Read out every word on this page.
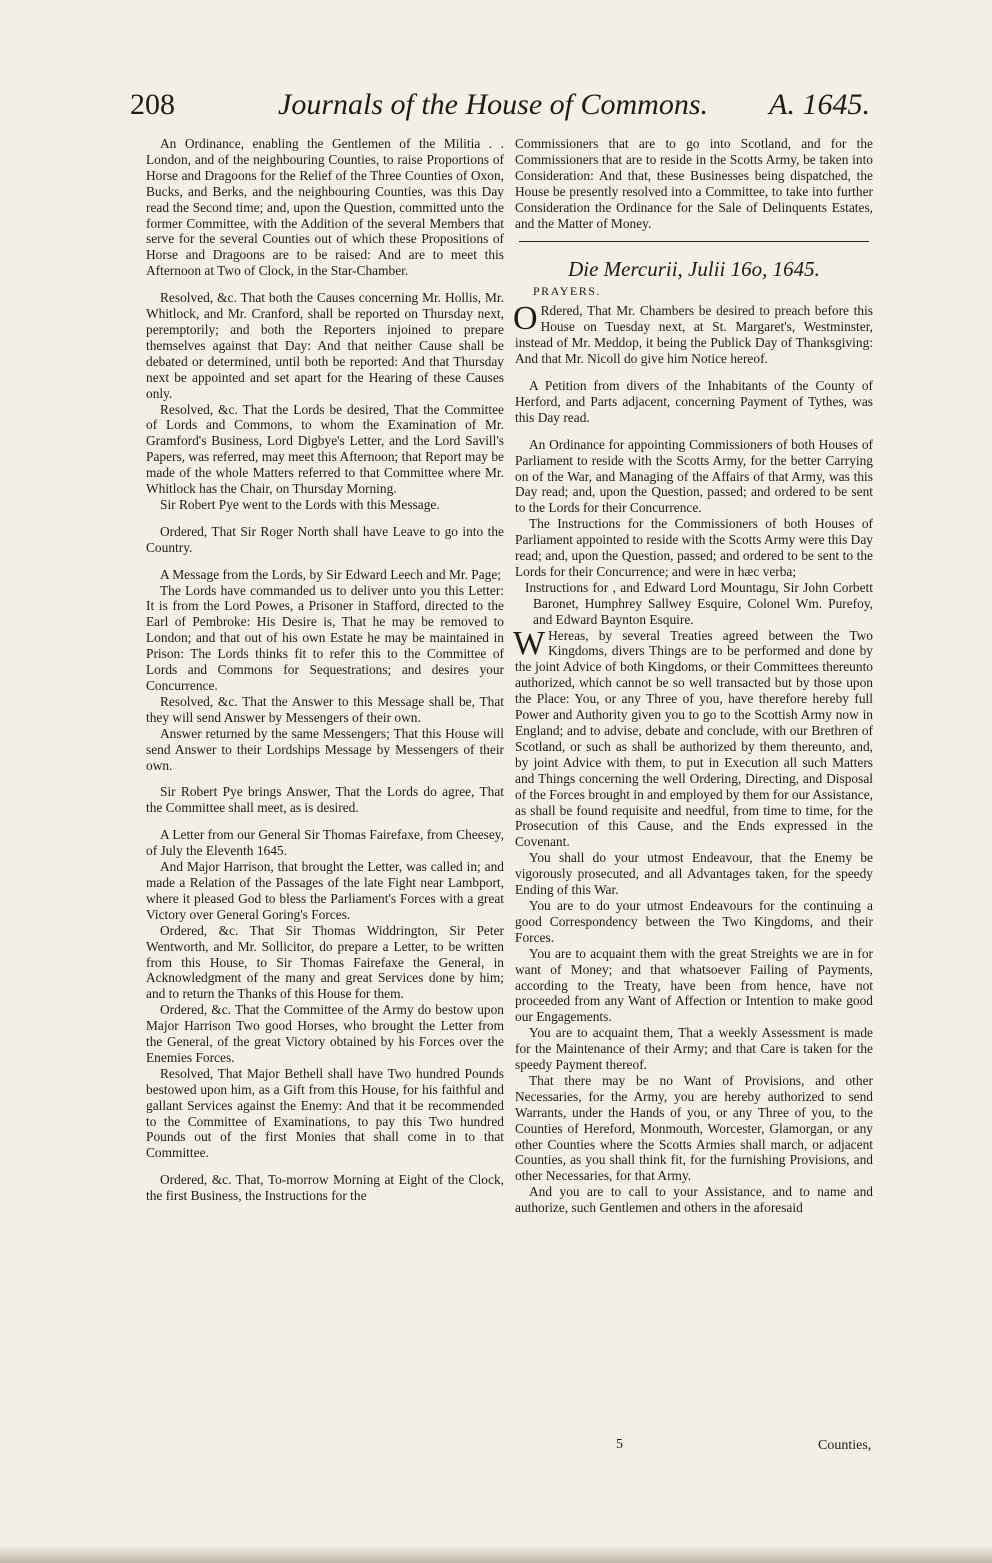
208	Journals of the House of Commons. A. 1645.

An Ordinance, enabling the Gentlemen of the Militia . . London, and of the neighbouring Counties, to raise Proportions of Horse and Dragoons for the Relief of the Three Counties of Oxon, Bucks, and Berks, and the neighbouring Counties, was this Day read the Second time; and, upon the Question, committed unto the former Committee, with the Addition of the several Members that serve for the several Counties out of which these Propositions of Horse and Dragoons are to be raised: And are to meet this Afternoon at Two of Clock, in the Star-Chamber.

Resolved, &c. That both the Causes concerning Mr. Hollis, Mr. Whitlock, and Mr. Cranford, shall be reported on Thursday next, peremptorily; and both the Reporters injoined to prepare themselves against that Day: And that neither Cause shall be debated or determined, until both be reported: And that Thursday next be appointed and set apart for the Hearing of these Causes only.

Resolved, &c. That the Lords be desired, That the Committee of Lords and Commons, to whom the Examination of Mr. Gramford's Business, Lord Digbye's Letter, and the Lord Savill's Papers, was referred, may meet this Afternoon; that Report may be made of the whole Matters referred to that Committee where Mr. Whitlock has the Chair, on Thursday Morning.

Sir Robert Pye went to the Lords with this Message.

Ordered, That Sir Roger North shall have Leave to go into the Country.

A Message from the Lords, by Sir Edward Leech and Mr. Page;

The Lords have commanded us to deliver unto you this Letter: It is from the Lord Powes, a Prisoner in Stafford, directed to the Earl of Pembroke: His Desire is, That he may be removed to London; and that out of his own Estate he may be maintained in Prison: The Lords thinks fit to refer this to the Committee of Lords and Commons for Sequestrations; and desires your Concurrence.

Resolved, &c. That the Answer to this Message shall be, That they will send Answer by Messengers of their own.

Answer returned by the same Messengers; That this House will send Answer to their Lordships Message by Messengers of their own.

Sir Robert Pye brings Answer, That the Lords do agree, That the Committee shall meet, as is desired.

A Letter from our General Sir Thomas Fairefaxe, from Cheesey, of July the Eleventh 1645.

And Major Harrison, that brought the Letter, was called in; and made a Relation of the Passages of the late Fight near Lambport, where it pleased God to bless the Parliament's Forces with a great Victory over General Goring's Forces.

Ordered, &c. That Sir Thomas Widdrington, Sir Peter Wentworth, and Mr. Sollicitor, do prepare a Letter, to be written from this House, to Sir Thomas Fairefaxe the General, in Acknowledgment of the many and great Services done by him; and to return the Thanks of this House for them.

Ordered, &c. That the Committee of the Army do bestow upon Major Harrison Two good Horses, who brought the Letter from the General, of the great Victory obtained by his Forces over the Enemies Forces.

Resolved, That Major Bethell shall have Two hundred Pounds bestowed upon him, as a Gift from this House, for his faithful and gallant Services against the Enemy: And that it be recommended to the Committee of Examinations, to pay this Two hundred Pounds out of the first Monies that shall come in to that Committee.

Ordered, &c. That, To-morrow Morning at Eight of the Clock, the first Business, the Instructions for the

Commissioners that are to go into Scotland, and for the Commissioners that are to reside in the Scotts Army, be taken into Consideration: And that, these Businesses being dispatched, the House be presently resolved into a Committee, to take into further Consideration the Ordinance for the Sale of Delinquents Estates, and the Matter of Money.

Die Mercurii, Julii 16o, 1645.
PRAYERS.

O Rdered, That Mr. Chambers be desired to preach before this House on Tuesday next, at St. Margaret's, Westminster, instead of Mr. Meddop, it being the Publick Day of Thanksgiving: And that Mr. Nicoll do give him Notice hereof.

A Petition from divers of the Inhabitants of the County of Herford, and Parts adjacent, concerning Payment of Tythes, was this Day read.

An Ordinance for appointing Commissioners of both Houses of Parliament to reside with the Scotts Army, for the better Carrying on of the War, and Managing of the Affairs of that Army, was this Day read; and, upon the Question, passed; and ordered to be sent to the Lords for their Concurrence.

The Instructions for the Commissioners of both Houses of Parliament appointed to reside with the Scotts Army were this Day read; and, upon the Question, passed; and ordered to be sent to the Lords for their Concurrence; and were in hæc verba;

Instructions for , and Edward Lord Mountagu, Sir John Corbett Baronet, Humphrey Sallwey Esquire, Colonel Wm. Purefoy, and Edward Baynton Esquire.

W Hereas, by several Treaties agreed between the Two Kingdoms, divers Things are to be performed and done by the joint Advice of both Kingdoms, or their Committees thereunto authorized, which cannot be so well transacted but by those upon the Place: You, or any Three of you, have therefore hereby full Power and Authority given you to go to the Scottish Army now in England; and to advise, debate and conclude, with our Brethren of Scotland, or such as shall be authorized by them thereunto, and, by joint Advice with them, to put in Execution all such Matters and Things concerning the well Ordering, Directing, and Disposal of the Forces brought in and employed by them for our Assistance, as shall be found requisite and needful, from time to time, for the Prosecution of this Cause, and the Ends expressed in the Covenant.

You shall do your utmost Endeavour, that the Enemy be vigorously prosecuted, and all Advantages taken, for the speedy Ending of this War.

You are to do your utmost Endeavours for the continuing a good Correspondency between the Two Kingdoms, and their Forces.

You are to acquaint them with the great Streights we are in for want of Money; and that whatsoever Failing of Payments, according to the Treaty, have been from hence, have not proceeded from any Want of Affection or Intention to make good our Engagements.

You are to acquaint them, That a weekly Assessment is made for the Maintenance of their Army; and that Care is taken for the speedy Payment thereof.

That there may be no Want of Provisions, and other Necessaries, for the Army, you are hereby authorized to send Warrants, under the Hands of you, or any Three of you, to the Counties of Hereford, Monmouth, Worcester, Glamorgan, or any other Counties where the Scotts Armies shall march, or adjacent Counties, as you shall think fit, for the furnishing Provisions, and other Necessaries, for that Army.

And you are to call to your Assistance, and to name and authorize, such Gentlemen and others in the aforesaid

5	Counties,
